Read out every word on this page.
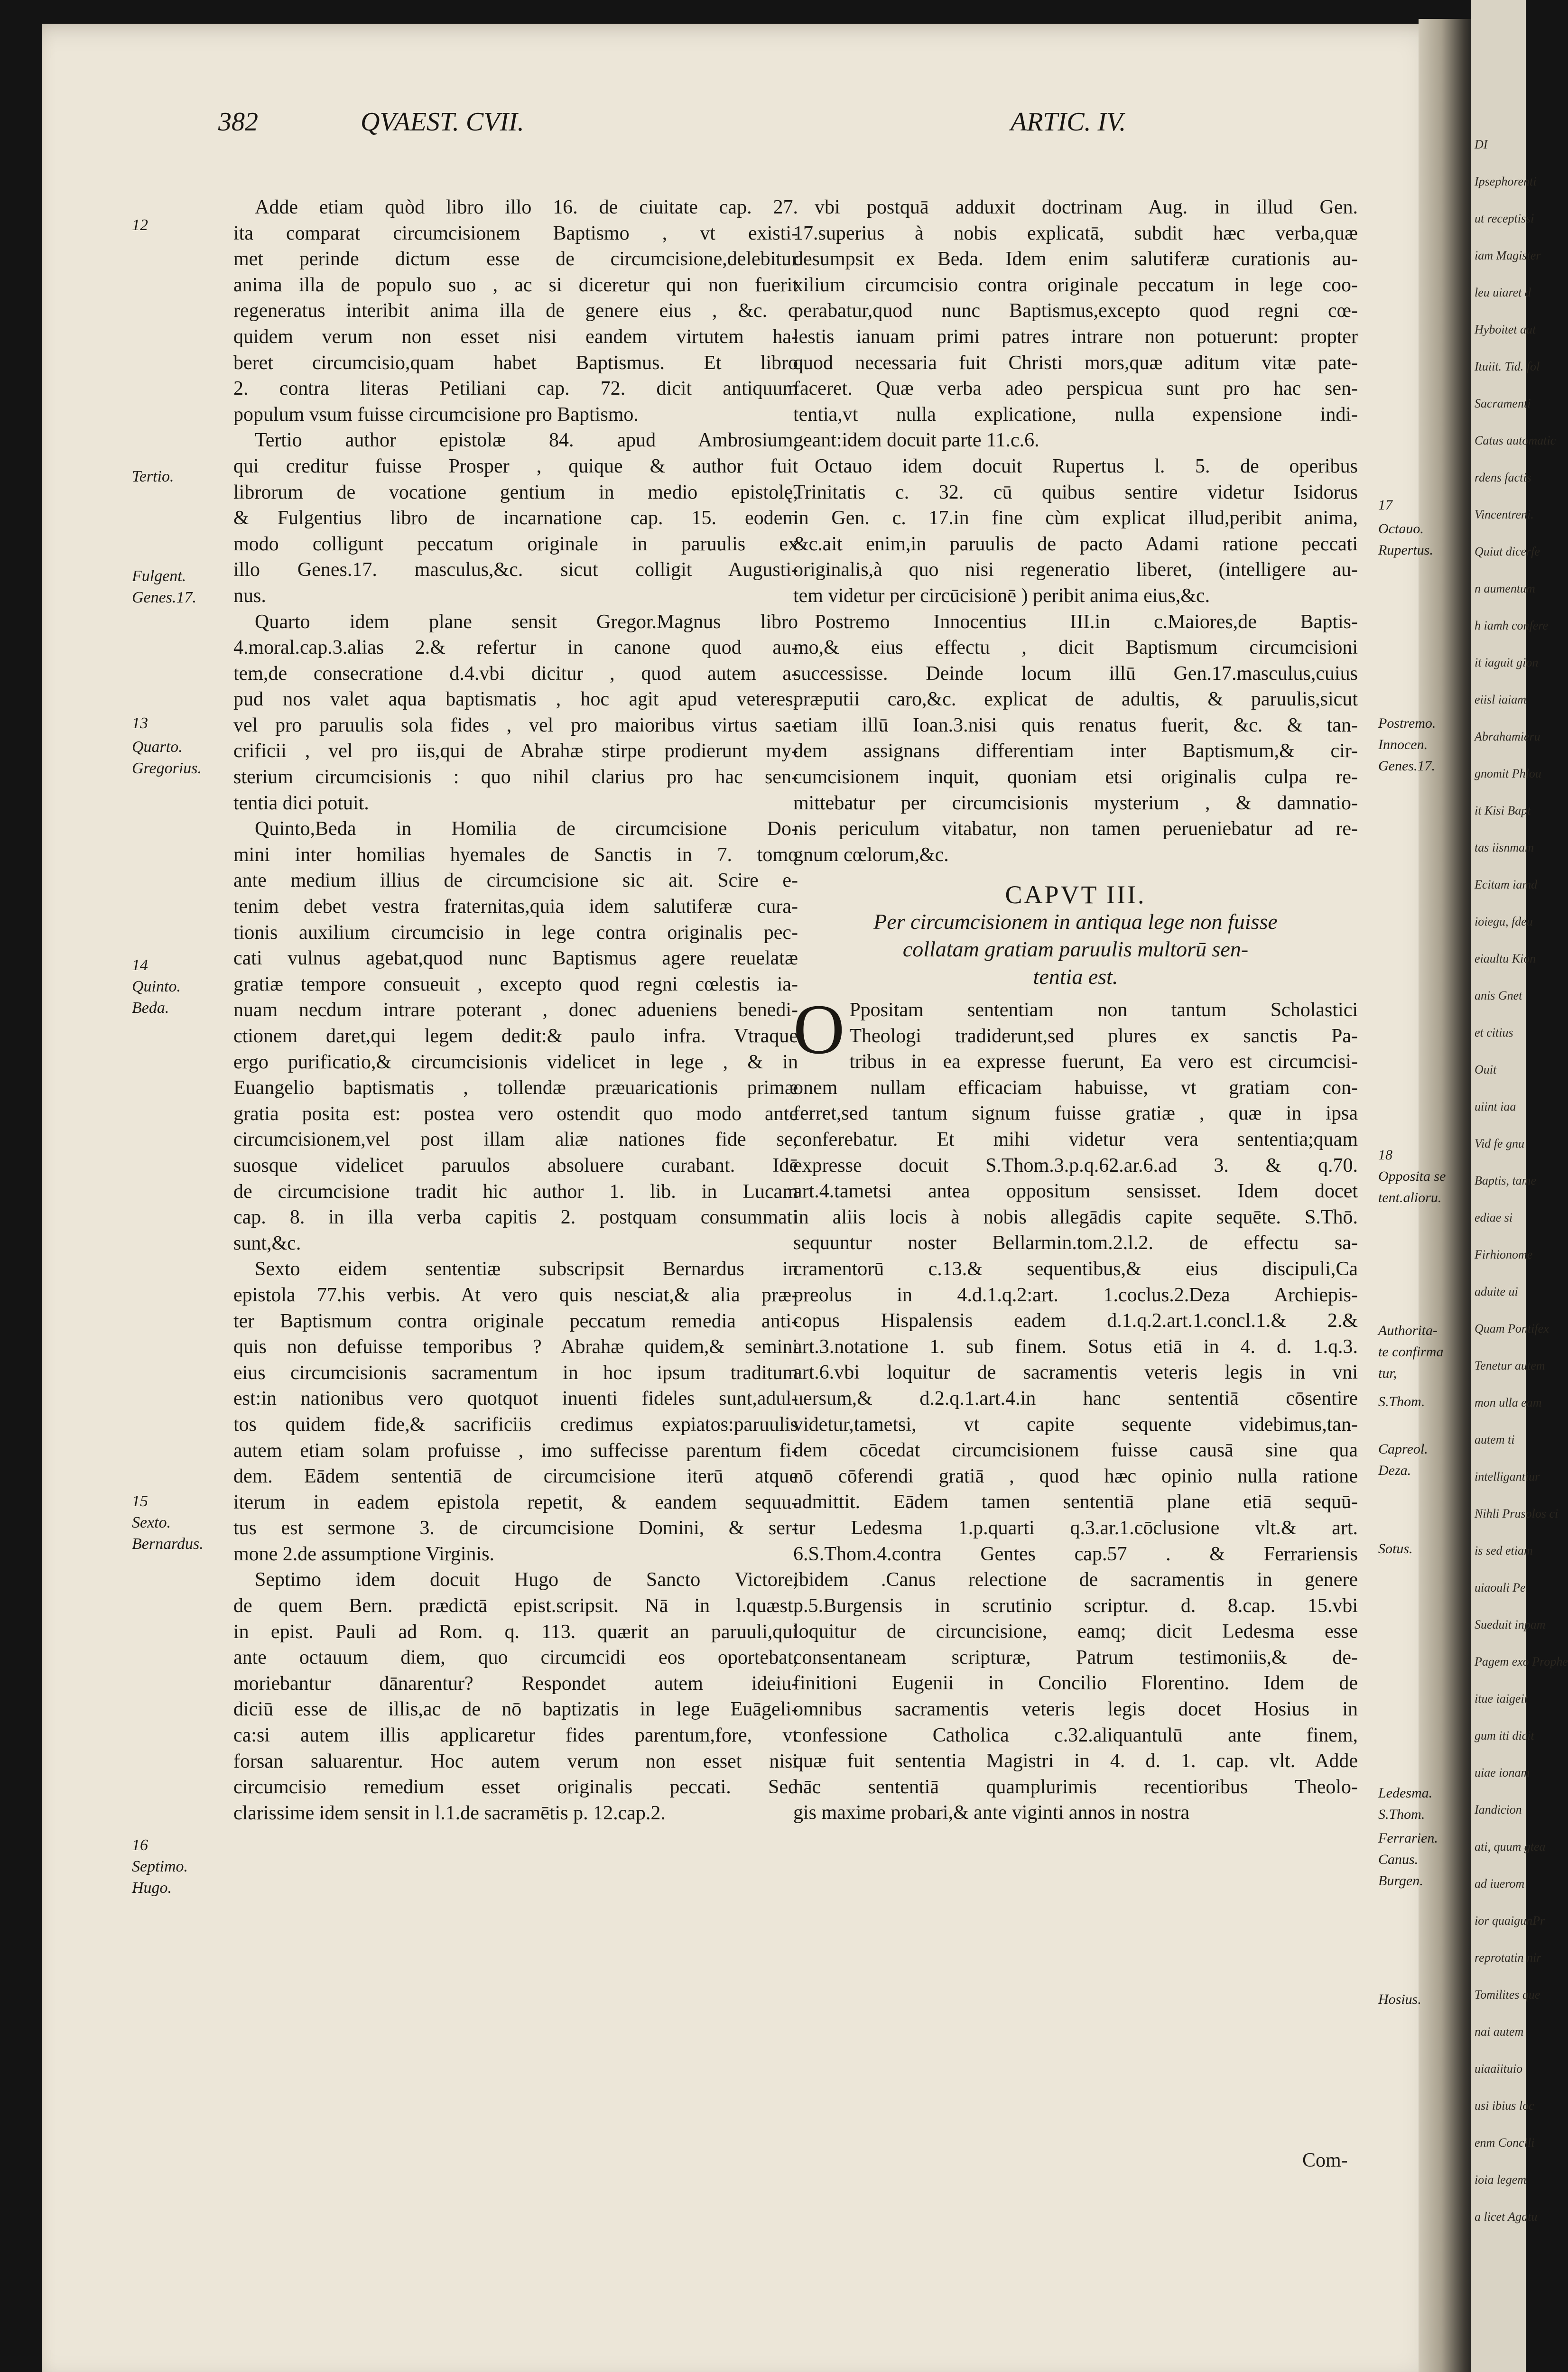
DI
Ipsephorenti
ut receptissi
iam Magister
leu uiaret d
Hyboitet aut
Ituiit. Tid. fol
Sacramenti
Catus automatic
rdens factis
Vincentreni.
Quiut dicerfe
n aumentum
h iamh confere
it iaguit gion
eiisl iaiam
Abrahamieru
gnomit Phlou
it Kisi Bapt
tas iisnmam
Ecitam iamd
ioiegu, fdeu
eiaultu Kion
anis Gnet
et citius
Ouit
uiint iaa
Vid fe gnu
Baptis, tame
ediae si
Firhionome
aduite ui
Quam Pontifex
Tenetur autem
mon ulla eam
autem ti
intelligantiur
Nihli Prusolos ci
is sed etiam
uiaouli Pe
Sueduit inpam
Pagem exo Prophe
itue iaigeit
gum iti dicit
uiae ionam
Iandicion
ati, quum gtea
ad iuerom
ior quaigunPr
reprotatin nir
Tomilites que
nai autem
uiaaiituio
usi ibius loc
enm Concili
ioia legem
a licet Agatu
382	QVAEST. CVII.	ARTIC. IV.

Adde etiam quòd libro illo 16. de ciuitate cap. 27.
ita comparat circumcisionem Baptismo , vt existi-
met perinde dictum esse de circumcisione,delebitur
anima illa de populo suo , ac si diceretur qui non fuerit
regeneratus interibit anima illa de genere eius , &c. q
quidem verum non esset nisi eandem virtutem ha-
beret circumcisio,quam habet Baptismus. Et libro
2. contra literas Petiliani cap. 72. dicit antiquum
populum vsum fuisse circumcisione pro Baptismo.

Tertio author epistolæ 84. apud Ambrosium,
qui creditur fuisse Prosper , quique & author fuit
librorum de vocatione gentium in medio epistolę,
& Fulgentius libro de incarnatione cap. 15. eodem
modo colligunt peccatum originale in paruulis ex
illo Genes.17. masculus,&c. sicut colligit Augusti-
nus.

Quarto idem plane sensit Gregor.Magnus libro
4.moral.cap.3.alias 2.& refertur in canone quod au-
tem,de consecratione d.4.vbi dicitur , quod autem a-
pud nos valet aqua baptismatis , hoc agit apud veteres,
vel pro paruulis sola fides , vel pro maioribus virtus sa-
crificii , vel pro iis,qui de Abrahæ stirpe prodierunt my-
sterium circumcisionis : quo nihil clarius pro hac sen-
tentia dici potuit.

Quinto,Beda in Homilia de circumcisione Do-
mini inter homilias hyemales de Sanctis in 7. tomo
ante medium illius de circumcisione sic ait. Scire e-
tenim debet vestra fraternitas,quia idem salutiferæ cura-
tionis auxilium circumcisio in lege contra originalis pec-
cati vulnus agebat,quod nunc Baptismus agere reuelatæ
gratiæ tempore consueuit , excepto quod regni cœlestis ia-
nuam necdum intrare poterant , donec adueniens benedi-
ctionem daret,qui legem dedit:& paulo infra. Vtraque
ergo purificatio,& circumcisionis videlicet in lege , & in
Euangelio baptismatis , tollendæ præuaricationis primæ
gratia posita est: postea vero ostendit quo modo ante
circumcisionem,vel post illam aliæ nationes fide se,
suosque videlicet paruulos absoluere curabant. Idē
de circumcisione tradit hic author 1. lib. in Lucam
cap. 8. in illa verba capitis 2. postquam consummati
sunt,&c.

Sexto eidem sententiæ subscripsit Bernardus in
epistola 77.his verbis. At vero quis nesciat,& alia præ-
ter Baptismum contra originale peccatum remedia anti-
quis non defuisse temporibus ? Abrahæ quidem,& semini
eius circumcisionis sacramentum in hoc ipsum traditum
est:in nationibus vero quotquot inuenti fideles sunt,adul-
tos quidem fide,& sacrificiis credimus expiatos:paruulis
autem etiam solam profuisse , imo suffecisse parentum fi-
dem. Eādem sententiā de circumcisione iterū atque
iterum in eadem epistola repetit, & eandem sequu-
tus est sermone 3. de circumcisione Domini, & ser-
mone 2.de assumptione Virginis.

Septimo idem docuit Hugo de Sancto Victore,
de quem Bern. prædictā epist.scripsit. Nā in l.quæst.
in epist. Pauli ad Rom. q. 113. quærit an paruuli,qui
ante octauum diem, quo circumcidi eos oportebat,
moriebantur dānarentur? Respondet autem ideiu-
diciū esse de illis,ac de nō baptizatis in lege Euāgeli-
ca:si autem illis applicaretur fides parentum,fore, vt
forsan saluarentur. Hoc autem verum non esset nisi
circumcisio remedium esset originalis peccati. Sed
clarissime idem sensit in l.1.de sacramētis p. 12.cap.2.

vbi postquā adduxit doctrinam Aug. in illud Gen.
17.superius à nobis explicatā, subdit hæc verba,quæ
desumpsit ex Beda. Idem enim salutiferæ curationis au-
xilium circumcisio contra originale peccatum in lege coo-
perabatur,quod nunc Baptismus,excepto quod regni cœ-
lestis ianuam primi patres intrare non potuerunt: propter
quod necessaria fuit Christi mors,quæ aditum vitæ pate-
faceret. Quæ verba adeo perspicua sunt pro hac sen-
tentia,vt nulla explicatione, nulla expensione indi-
geant:idem docuit parte 11.c.6.

Octauo idem docuit Rupertus l. 5. de operibus
Trinitatis c. 32. cū quibus sentire videtur Isidorus
in Gen. c. 17.in fine cùm explicat illud,peribit anima,
&c.ait enim,in paruulis de pacto Adami ratione peccati
originalis,à quo nisi regeneratio liberet, (intelligere au-
tem videtur per circūcisionē ) peribit anima eius,&c.

Postremo Innocentius III.in c.Maiores,de Baptis-
mo,& eius effectu , dicit Baptismum circumcisioni
successisse. Deinde locum illū Gen.17.masculus,cuius
præputii caro,&c. explicat de adultis, & paruulis,sicut
etiam illū Ioan.3.nisi quis renatus fuerit, &c. & tan-
dem assignans differentiam inter Baptismum,& cir-
cumcisionem inquit, quoniam etsi originalis culpa re-
mittebatur per circumcisionis mysterium , & damnatio-
nis periculum vitabatur, non tamen perueniebatur ad re-
gnum cœlorum,&c.

CAPVT III.
Per circumcisionem in antiqua lege non fuisse
collatam gratiam paruulis multorū sen-
tentia est.

O Ppositam sententiam non tantum Scholastici
Theologi tradiderunt,sed plures ex sanctis Pa-
tribus in ea expresse fuerunt, Ea vero est circumcisi-
onem nullam efficaciam habuisse, vt gratiam con-
ferret,sed tantum signum fuisse gratiæ , quæ in ipsa
conferebatur. Et mihi videtur vera sententia;quam
expresse docuit S.Thom.3.p.q.62.ar.6.ad 3. & q.70.
art.4.tametsi antea oppositum sensisset. Idem docet
in aliis locis à nobis allegādis capite sequēte. S.Thō.
sequuntur noster Bellarmin.tom.2.l.2. de effectu sa-
cramentorū c.13.& sequentibus,& eius discipuli,Ca
preolus in 4.d.1.q.2:art. 1.coclus.2.Deza Archiepis-
copus Hispalensis eadem d.1.q.2.art.1.concl.1.& 2.&
art.3.notatione 1. sub finem. Sotus etiā in 4. d. 1.q.3.
art.6.vbi loquitur de sacramentis veteris legis in vni
uersum,& d.2.q.1.art.4.in hanc sententiā cōsentire
videtur,tametsi, vt capite sequente videbimus,tan-
dem cōcedat circumcisionem fuisse causā sine qua
nō cōferendi gratiā , quod hæc opinio nulla ratione
admittit. Eādem tamen sententiā plane etiā sequū-
tur Ledesma 1.p.quarti q.3.ar.1.cōclusione vlt.& art.
6.S.Thom.4.contra Gentes cap.57 . & Ferrariensis
ibidem .Canus relectione de sacramentis in genere
p.5.Burgensis in scrutinio scriptur. d. 8.cap. 15.vbi
loquitur de circuncisione, eamq; dicit Ledesma esse
consentaneam scripturæ, Patrum testimoniis,& de-
finitioni Eugenii in Concilio Florentino. Idem de
omnibus sacramentis veteris legis docet Hosius in
confessione Catholica c.32.aliquantulū ante finem,
quæ fuit sententia Magistri in 4. d. 1. cap. vlt. Adde
hāc sententiā quamplurimis recentioribus Theolo-
gis maxime probari,& ante viginti annos in nostra

Com-
12
Tertio.
Fulgent.
Genes.17.
13
Quarto.
Gregorius.
14
Quinto.
Beda.
15
Sexto.
Bernardus.
16
Septimo.
Hugo.
17
Octauo.
Rupertus.
Postremo.
Innocen.
Genes.17.
18
Opposita se
tent.alioru.
Authorita-
te confirma
tur,
S.Thom.
Capreol.
Deza.
Sotus.
Ledesma.
S.Thom.
Ferrarien.
Canus.
Burgen.
Hosius.
